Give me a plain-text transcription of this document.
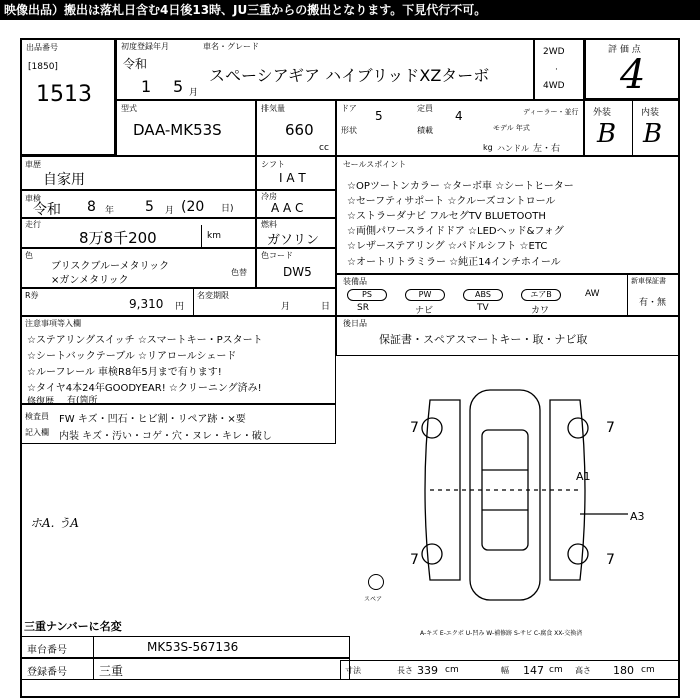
映像出品）搬出は落札日含む4日後13時、JU三重からの搬出となります。下見代行不可。
出品番号
[1850]
1513
初度登録年月	車名・グレード
令和
1 5 月
スペーシアギア ハイブリッドXZターボ
2WD
4WD
·
評 価 点
4
型式
DAA-MK53S
排気量
660
cc
ドア
5
定員
4	ディーラー・並行
形状	積載	モデル 年式
kg ハンドル 左・右
外装	内装
B B
車歴
自家用
シフト
I A T
車検
令和 8 年 5 月 (20 日)
冷房
A A C
走行
8万8千200	km
燃料
ガソリン
色
ブリスクブルーメタリック
×ガンメタリック
色替
色コード
DW5
R券
9,310 円
名変期限
月	日
注意事項等入欄
☆ステアリングスイッチ ☆スマートキー・Pスタート
☆シートバックテーブル ☆リアロールシェード
☆ルーフレール 車検R8年5月まで有ります!
☆タイヤ4本24年GOODYEAR! ☆クリーニング済み!
修復歴 有(箇所
セールスポイント
☆OPツートンカラー ☆ターボ車 ☆シートヒーター
☆セーフティサポート ☆クルーズコントロール
☆ストラーダナビ フルセグTV BLUETOOTH
☆両側パワースライドドア ☆LEDヘッド&フォグ
☆レザーステアリング ☆パドルシフト ☆ETC
☆オートリトラミラー ☆純正14インチホイール
装備品	新車保証書
有・無
PS	PW	ABS	エアB	AW
SR	ナビ	TV	カワ
後日品
保証書・スペアスマートキー・取・ナビ取
検査員
記入欄
FW キズ・凹石・ヒビ割・リペア跡・×要
内装 キズ・汚い・コゲ・穴・ヌレ・キレ・破し
ホA. うA
7	7
7	7
A1
A3
スペア
A-キズ E-エクボ U-凹み W-補修跡 S-サビ C-腐食 XX-交換済
三重ナンバーに名変
車台番号	MK53S-567136
登録番号	三重	寸法	長さ 339 cm	幅 147 cm 高さ 180 cm
